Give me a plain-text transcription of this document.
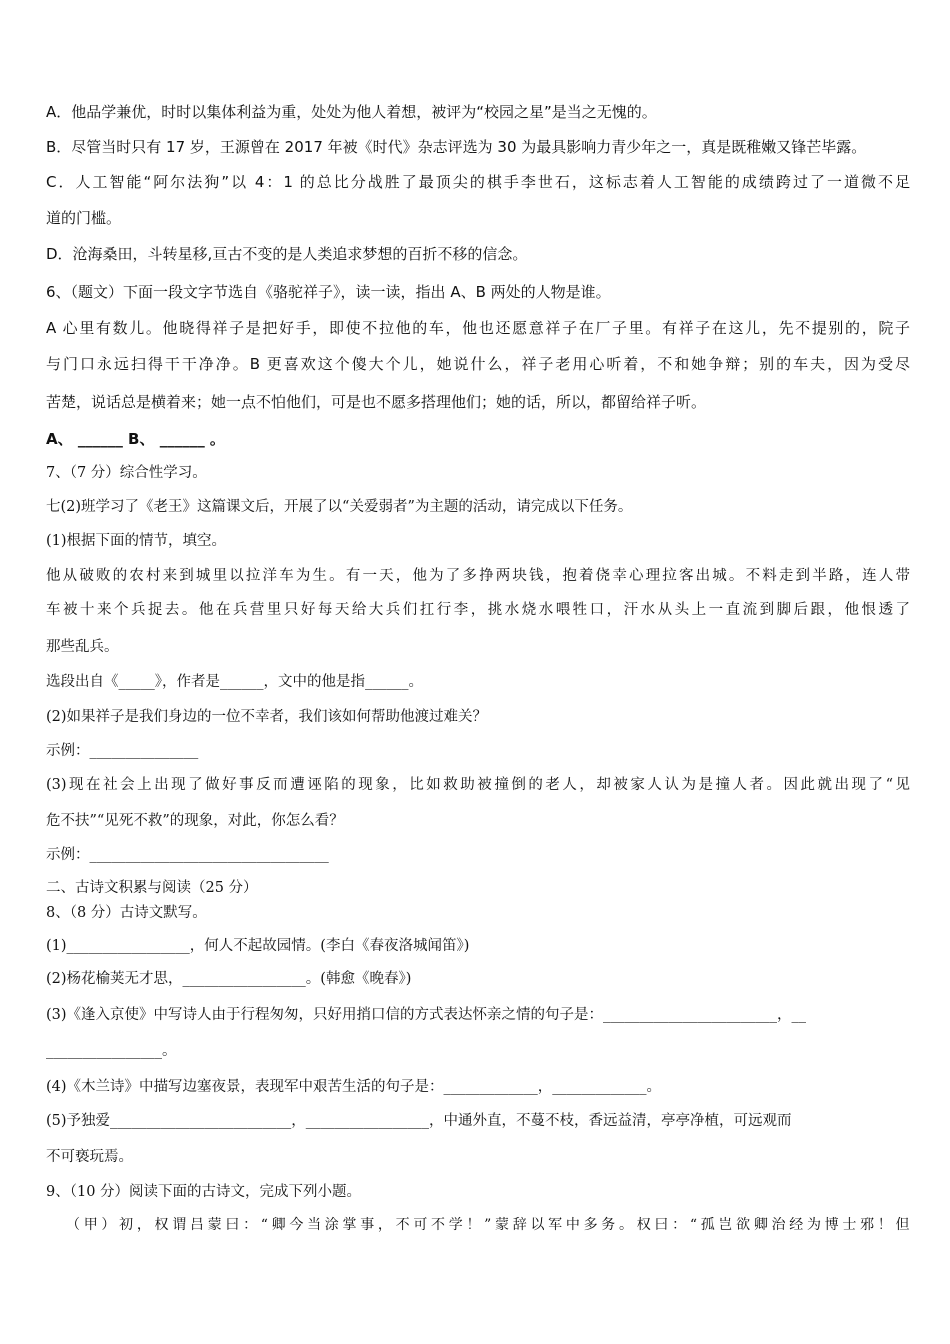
A．他品学兼优，时时以集体利益为重，处处为他人着想，被评为“校园之星”是当之无愧的。
B．尽管当时只有 17 岁，王源曾在 2017 年被《时代》杂志评选为 30 为最具影响力青少年之一，真是既稚嫩又锋芒毕露。
C．人工智能“阿尔法狗”以 4：1 的总比分战胜了最顶尖的棋手李世石，这标志着人工智能的成绩跨过了一道微不足
道的门槛。
D．沧海桑田，斗转星移,亘古不变的是人类追求梦想的百折不移的信念。
6、（题文）下面一段文字节选自《骆驼祥子》，读一读，指出 A、B 两处的人物是谁。
A 心里有数儿。他晓得祥子是把好手，即使不拉他的车，他也还愿意祥子在厂子里。有祥子在这儿，先不提别的，院子
与门口永远扫得干干净净。B 更喜欢这个傻大个儿，她说什么，祥子老用心听着，不和她争辩；别的车夫，因为受尽
苦楚，说话总是横着来；她一点不怕他们，可是也不愿多搭理他们；她的话，所以，都留给祥子听。
A、 ______ B、 ______ 。
7、（7 分）综合性学习。
七(2)班学习了《老王》这篇课文后，开展了以“关爱弱者”为主题的活动，请完成以下任务。
(1)根据下面的情节，填空。
他从破败的农村来到城里以拉洋车为生。有一天，他为了多挣两块钱，抱着侥幸心理拉客出城。不料走到半路，连人带
车被十来个兵捉去。他在兵营里只好每天给大兵们扛行李，挑水烧水喂牲口，汗水从头上一直流到脚后跟，他恨透了
那些乱兵。
选段出自《_____》，作者是______，文中的他是指______。
(2)如果祥子是我们身边的一位不幸者，我们该如何帮助他渡过难关？
示例：_______________
(3)现在社会上出现了做好事反而遭诬陷的现象，比如救助被撞倒的老人，却被家人认为是撞人者。因此就出现了“见
危不扶”“见死不救”的现象，对此，你怎么看？
示例：_________________________________
二、古诗文积累与阅读（25 分）
8、（8 分）古诗文默写。
(1)_________________，何人不起故园情。(李白《春夜洛城闻笛》)
(2)杨花榆荚无才思，_________________。(韩愈《晚春》)
(3)《逢入京使》中写诗人由于行程匆匆，只好用捎口信的方式表达怀亲之情的句子是：________________________，__
________________。
(4)《木兰诗》中描写边塞夜景，表现军中艰苦生活的句子是：_____________，_____________。
(5)予独爱_________________________，_________________，中通外直，不蔓不枝，香远益清，亭亭净植，可远观而
不可亵玩焉。
9、（10 分）阅读下面的古诗文，完成下列小题。
（甲）初，权谓吕蒙曰：“卿今当涂掌事，不可不学！”蒙辞以军中多务。权曰：“孤岂欲卿治经为博士邪！但
